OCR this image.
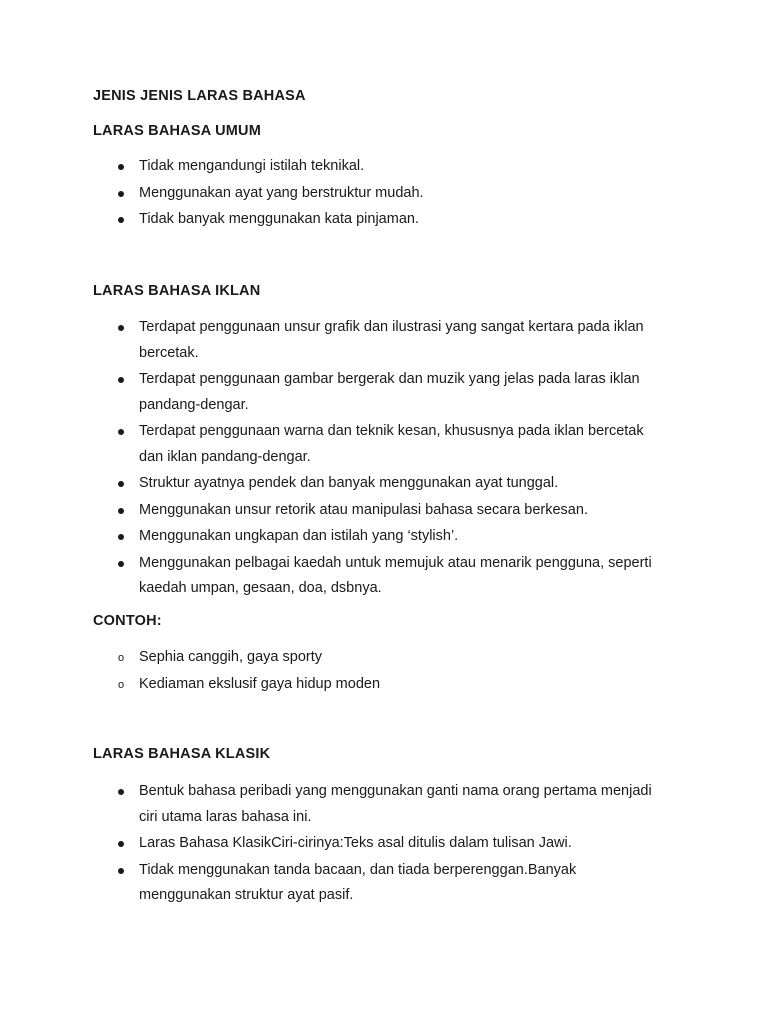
JENIS JENIS LARAS BAHASA
LARAS BAHASA UMUM
Tidak mengandungi istilah teknikal.
Menggunakan ayat yang berstruktur mudah.
Tidak banyak menggunakan kata pinjaman.
LARAS BAHASA IKLAN
Terdapat penggunaan unsur grafik dan ilustrasi yang sangat kertara pada iklan bercetak.
Terdapat penggunaan gambar bergerak dan muzik yang jelas pada laras iklan pandang-dengar.
Terdapat penggunaan warna dan teknik kesan, khususnya pada iklan bercetak dan iklan pandang-dengar.
Struktur ayatnya pendek dan banyak menggunakan ayat tunggal.
Menggunakan unsur retorik atau manipulasi bahasa secara berkesan.
Menggunakan ungkapan dan istilah yang ‘stylish’.
Menggunakan pelbagai kaedah untuk memujuk atau menarik pengguna, seperti kaedah umpan, gesaan, doa, dsbnya.
CONTOH:
o Sephia canggih, gaya sporty
o Kediaman ekslusif gaya hidup moden
LARAS BAHASA KLASIK
Bentuk bahasa peribadi yang menggunakan ganti nama orang pertama menjadi ciri utama laras bahasa ini.
Laras Bahasa KlasikCiri-cirinya:Teks asal ditulis dalam tulisan Jawi.
Tidak menggunakan tanda bacaan, dan tiada berperenggan.Banyak menggunakan struktur ayat pasif.
